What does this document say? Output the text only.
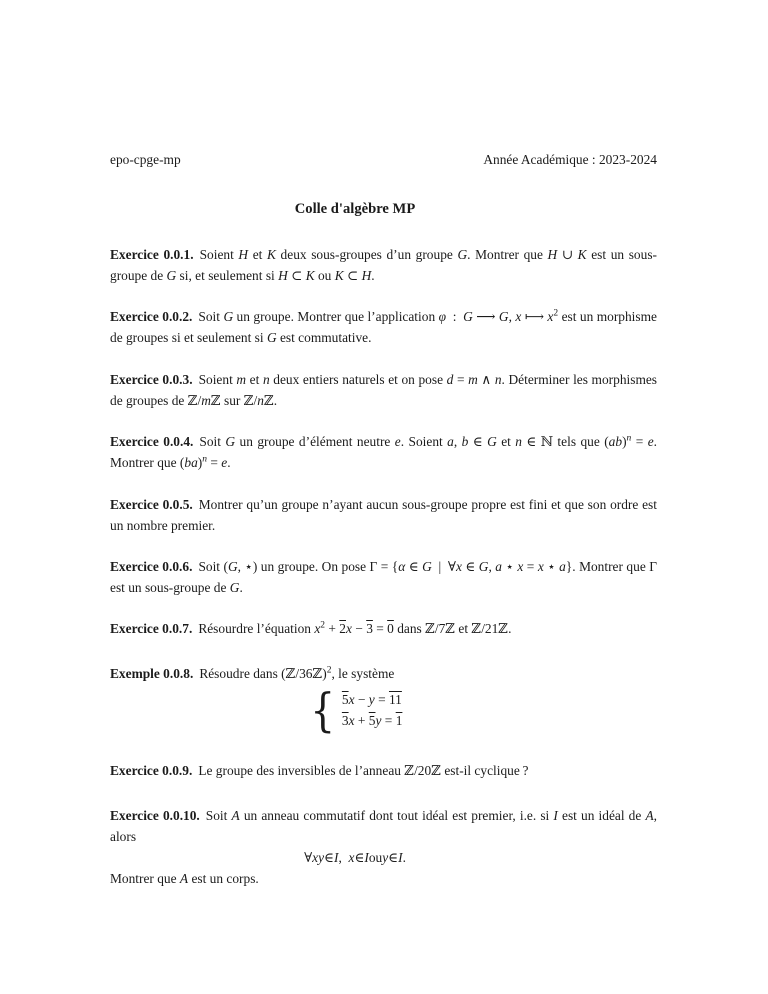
epo-cpge-mp	Année Académique : 2023-2024
Colle d'algèbre MP

Exercice 0.0.1. Soient H et K deux sous-groupes d’un groupe G. Montrer que H ∪ K est un sous-groupe de G si, et seulement si H ⊂ K ou K ⊂ H.

Exercice 0.0.2. Soit G un groupe. Montrer que l’application φ : G ⟶ G, x ⟼ $x^2$ est un morphisme de groupes si et seulement si G est commutative.

Exercice 0.0.3. Soient m et n deux entiers naturels et on pose d = m ∧ n. Déterminer les morphismes de groupes de ℤ/mℤ sur ℤ/nℤ.

Exercice 0.0.4. Soit G un groupe d’élément neutre e. Soient a, b ∈ G et n ∈ ℕ tels que (ab)$^n$ = e. Montrer que (ba)$^n$ = e.

Exercice 0.0.5. Montrer qu’un groupe n’ayant aucun sous-groupe propre est fini et que son ordre est un nombre premier.

Exercice 0.0.6. Soit (G, ⋆) un groupe. On pose Γ = {α ∈ G | ∀x ∈ G, a ⋆ x = x ⋆ a}. Montrer que Γ est un sous-groupe de G.

Exercice 0.0.7. Résourdre l’équation $x^2 + 2x - 3 = 0$ dans ℤ/7ℤ et ℤ/21ℤ.

Exemple 0.0.8. Résoudre dans (ℤ/36ℤ)$^2$, le système

{ 5x − y = 11
3x + 5y = 1

Exercice 0.0.9. Le groupe des inversibles de l’anneau ℤ/20ℤ est-il cyclique ?

Exercice 0.0.10. Soit A un anneau commutatif dont tout idéal est premier, i.e. si I est un idéal de A, alors

∀ xy ∈ I ,  x ∈ I ou y ∈ I .

Montrer que A est un corps.
